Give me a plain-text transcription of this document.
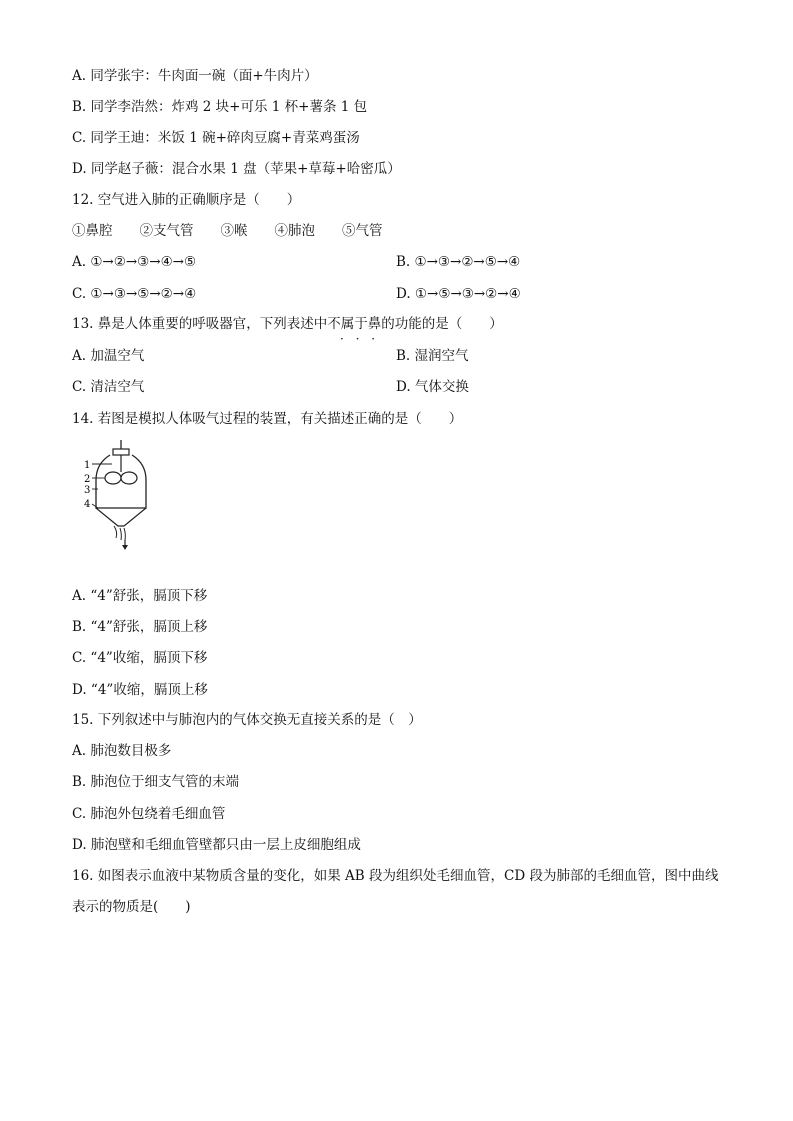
A. 同学张宇：牛肉面一碗（面+牛肉片）
B. 同学李浩然：炸鸡 2 块+可乐 1 杯+薯条 1 包
C. 同学王迪：米饭 1 碗+碎肉豆腐+青菜鸡蛋汤
D. 同学赵子薇：混合水果 1 盘（苹果+草莓+哈密瓜）
12. 空气进入肺的正确顺序是（　　）
①鼻腔　　②支气管　　③喉　　④肺泡　　⑤气管
A. ①→②→③→④→⑤	B. ①→③→②→⑤→④
C. ①→③→⑤→②→④	D. ①→⑤→③→②→④
13. 鼻是人体重要的呼吸器官，下列表述中不属于鼻的功能的是（　　）
· · ·
A. 加温空气	B. 湿润空气
C. 清洁空气	D. 气体交换
14. 若图是模拟人体吸气过程的装置，有关描述正确的是（　　）
1
2
3
4
A. “4”舒张，膈顶下移
B. “4”舒张，膈顶上移
C. “4”收缩，膈顶下移
D. “4”收缩，膈顶上移
15. 下列叙述中与肺泡内的气体交换无直接关系的是（　）
A. 肺泡数目极多
B. 肺泡位于细支气管的末端
C. 肺泡外包绕着毛细血管
D. 肺泡壁和毛细血管壁都只由一层上皮细胞组成
16. 如图表示血液中某物质含量的变化，如果 AB 段为组织处毛细血管，CD 段为肺部的毛细血管，图中曲线
表示的物质是(　　)
